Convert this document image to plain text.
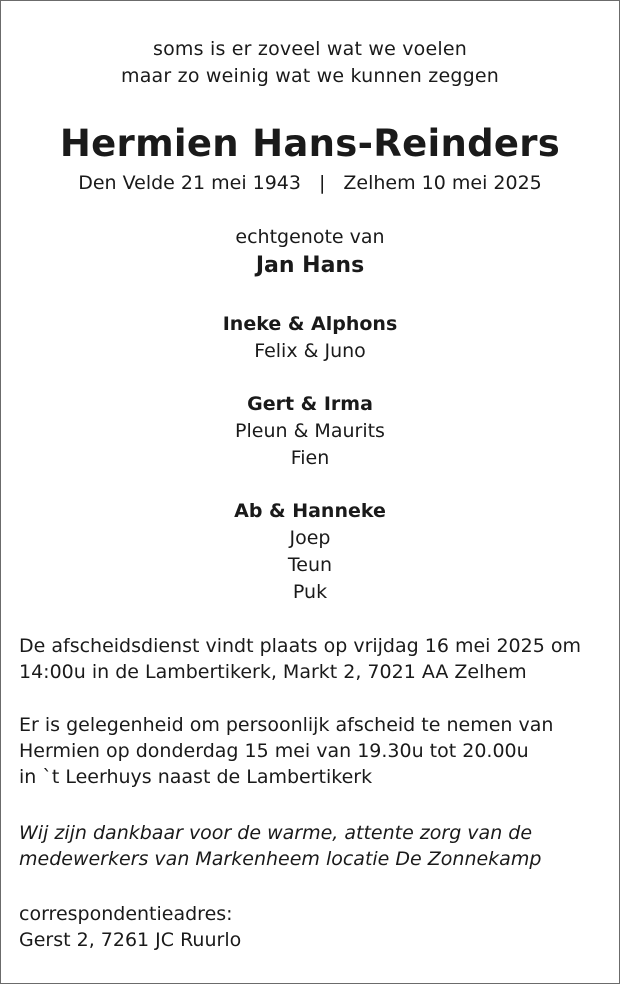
soms is er zoveel wat we voelen
maar zo weinig wat we kunnen zeggen
Hermien Hans-Reinders
Den Velde 21 mei 1943 | Zelhem 10 mei 2025
echtgenote van
Jan Hans
Ineke & Alphons
Felix & Juno
Gert & Irma
Pleun & Maurits
Fien
Ab & Hanneke
Joep
Teun
Puk
De afscheidsdienst vindt plaats op vrijdag 16 mei 2025 om
14:00u in de Lambertikerk, Markt 2, 7021 AA Zelhem
Er is gelegenheid om persoonlijk afscheid te nemen van
Hermien op donderdag 15 mei van 19.30u tot 20.00u
in `t Leerhuys naast de Lambertikerk
Wij zijn dankbaar voor de warme, attente zorg van de
medewerkers van Markenheem locatie De Zonnekamp
correspondentieadres:
Gerst 2, 7261 JC Ruurlo
